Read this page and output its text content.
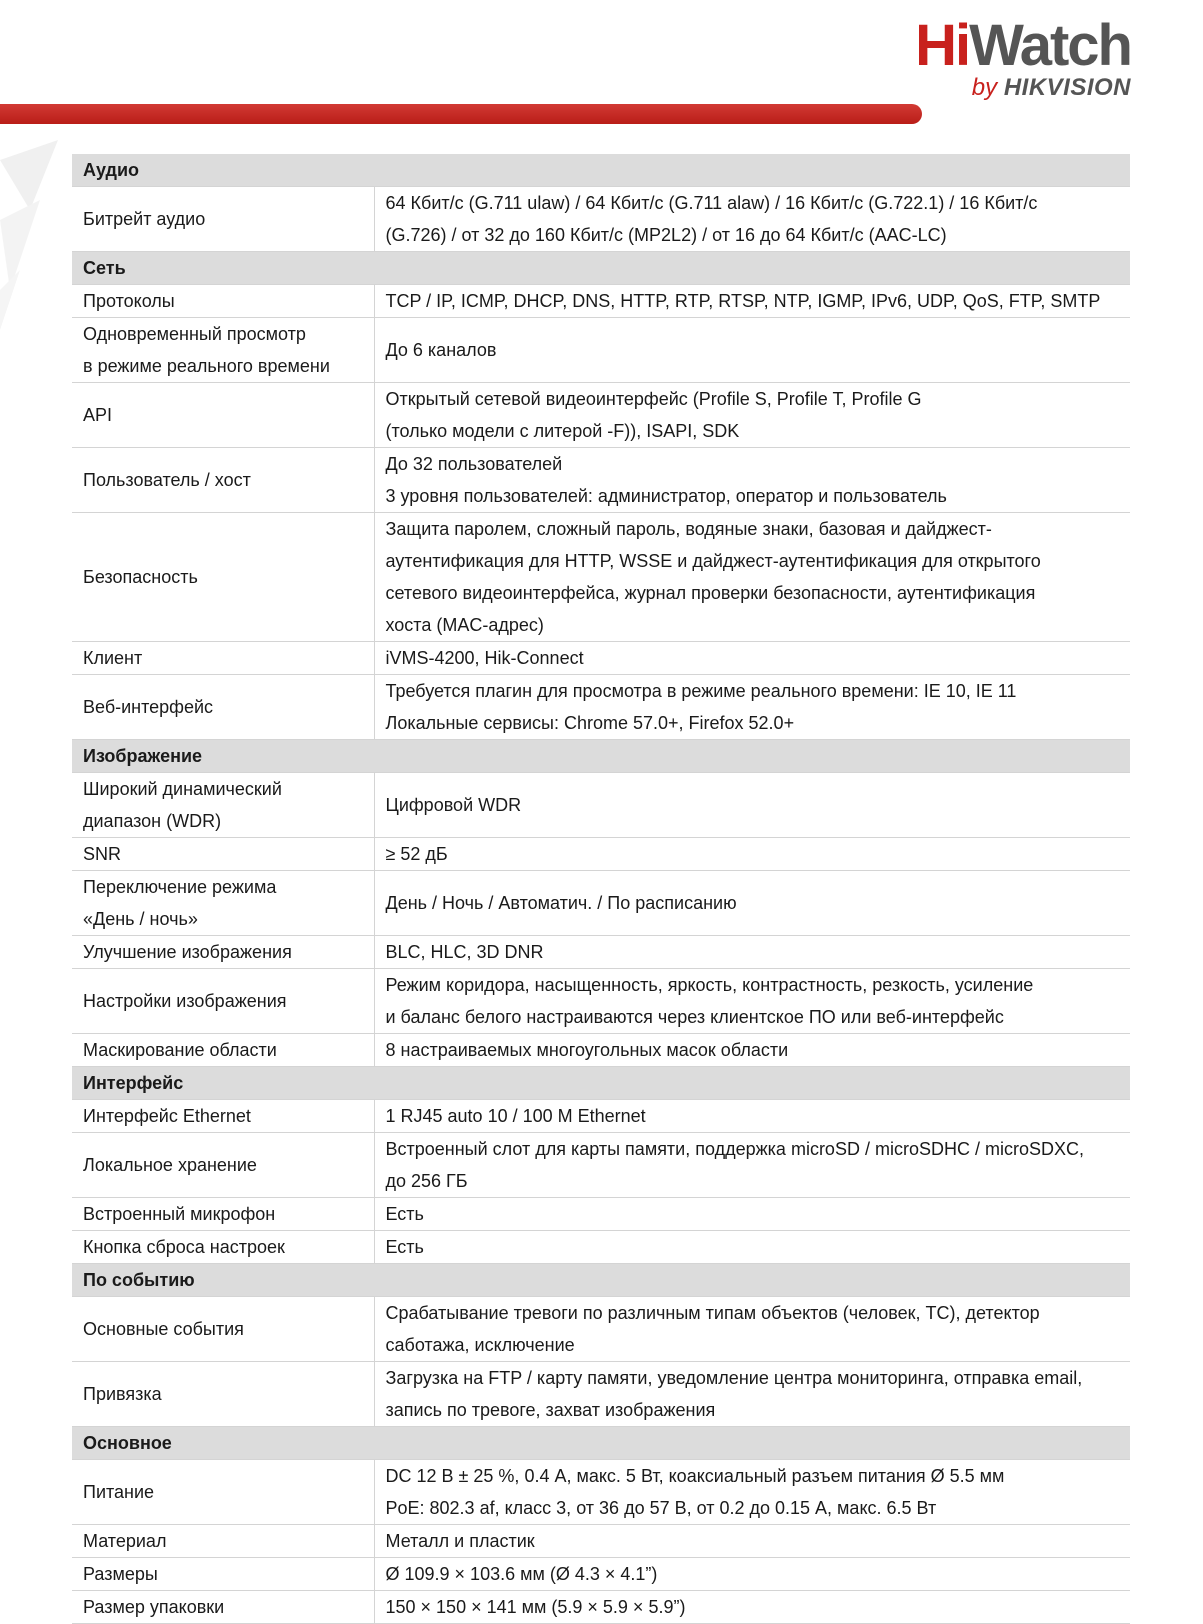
HiWatch
by HIKVISION
Аудио	

Битрейт аудио	64 Кбит/с (G.711 ulaw) / 64 Кбит/с (G.711 alaw) / 16 Кбит/с (G.722.1) / 16 Кбит/с
(G.726) / от 32 до 160 Кбит/с (MP2L2) / от 16 до 64 Кбит/с (AAC-LC)

Сеть	

Протоколы	TCP / IP, ICMP, DHCP, DNS, HTTP, RTP, RTSP, NTP, IGMP, IPv6, UDP, QoS, FTP, SMTP

Одновременный просмотр
в режиме реального времени	До 6 каналов

API	Открытый сетевой видеоинтерфейс (Profile S, Profile T, Profile G
(только модели с литерой -F)), ISAPI, SDK

Пользователь / хост	До 32 пользователей
3 уровня пользователей: администратор, оператор и пользователь

Безопасность	Защита паролем, сложный пароль, водяные знаки, базовая и дайджест-
аутентификация для HTTP, WSSE и дайджест-аутентификация для открытого
сетевого видеоинтерфейса, журнал проверки безопасности, аутентификация
хоста (MAC-адрес)

Клиент	iVMS-4200, Hik-Connect

Веб-интерфейс	Требуется плагин для просмотра в режиме реального времени: IE 10, IE 11
Локальные сервисы: Chrome 57.0+, Firefox 52.0+

Изображение	

Широкий динамический
диапазон (WDR)	Цифровой WDR

SNR	≥ 52 дБ

Переключение режима
«День / ночь»	День / Ночь / Автоматич. / По расписанию

Улучшение изображения	BLC, HLC, 3D DNR

Настройки изображения	Режим коридора, насыщенность, яркость, контрастность, резкость, усиление
и баланс белого настраиваются через клиентское ПО или веб-интерфейс

Маскирование области	8 настраиваемых многоугольных масок области

Интерфейс	

Интерфейс Ethernet	1 RJ45 auto 10 / 100 M Ethernet

Локальное хранение	Встроенный слот для карты памяти, поддержка microSD / microSDHC / microSDXC,
до 256 ГБ

Встроенный микрофон	Есть

Кнопка сброса настроек	Есть

По событию	

Основные события	Срабатывание тревоги по различным типам объектов (человек, ТС), детектор
саботажа, исключение

Привязка	Загрузка на FTP / карту памяти, уведомление центра мониторинга, отправка email,
запись по тревоге, захват изображения

Основное	

Питание	DC 12 В ± 25 %, 0.4 А, макс. 5 Вт, коаксиальный разъем питания Ø 5.5 мм
PoE: 802.3 af, класс 3, от 36 до 57 В, от 0.2 до 0.15 А, макс. 6.5 Вт

Материал	Металл и пластик

Размеры	Ø 109.9 × 103.6 мм (Ø 4.3 × 4.1”)

Размер упаковки	150 × 150 × 141 мм (5.9 × 5.9 × 5.9”)
